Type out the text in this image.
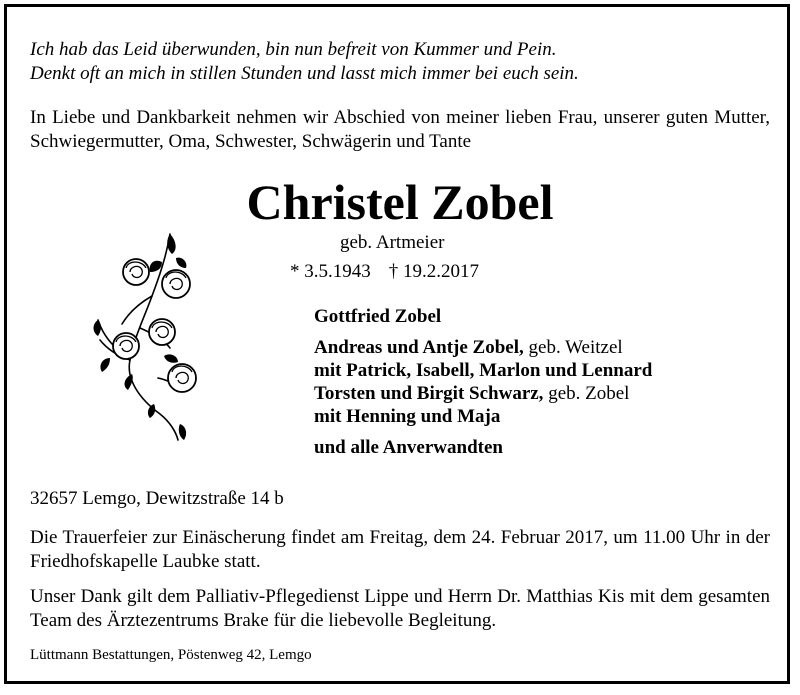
Ich hab das Leid überwunden, bin nun befreit von Kummer und Pein.
Denkt oft an mich in stillen Stunden und lasst mich immer bei euch sein.
In Liebe und Dankbarkeit nehmen wir Abschied von meiner lieben Frau, unserer guten Mutter, Schwiegermutter, Oma, Schwester, Schwägerin und Tante
Christel Zobel
geb. Artmeier
* 3.5.1943 † 19.2.2017
Gottfried Zobel
Andreas und Antje Zobel, geb. Weitzel
mit Patrick, Isabell, Marlon und Lennard
Torsten und Birgit Schwarz, geb. Zobel
mit Henning und Maja
und alle Anverwandten
32657 Lemgo, Dewitzstraße 14 b
Die Trauerfeier zur Einäscherung findet am Freitag, dem 24. Februar 2017, um 11.00 Uhr in der Friedhofskapelle Laubke statt.
Unser Dank gilt dem Palliativ-Pflegedienst Lippe und Herrn Dr. Matthias Kis mit dem gesamten Team des Ärztezentrums Brake für die liebevolle Begleitung.
Lüttmann Bestattungen, Pöstenweg 42, Lemgo
